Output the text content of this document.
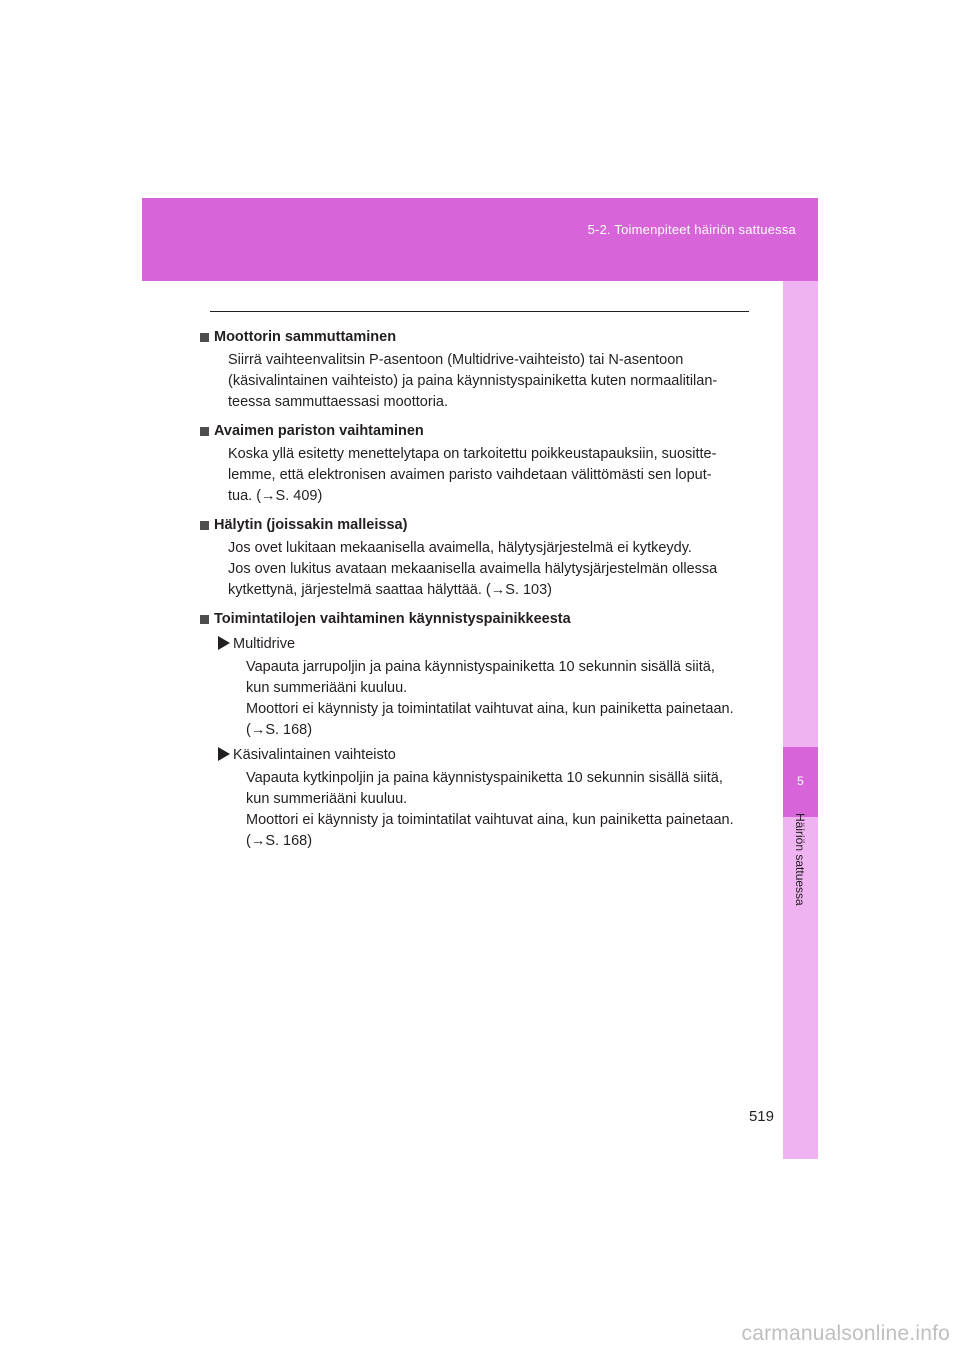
5-2. Toimenpiteet häiriön sattuessa
5
Häiriön sattuessa
Moottorin sammuttaminen
Siirrä vaihteenvalitsin P-asentoon (Multidrive-vaihteisto) tai N-asentoon
(käsivalintainen vaihteisto) ja paina käynnistyspainiketta kuten normaalitilan-
teessa sammuttaessasi moottoria.
Avaimen pariston vaihtaminen
Koska yllä esitetty menettelytapa on tarkoitettu poikkeustapauksiin, suositte-
lemme, että elektronisen avaimen paristo vaihdetaan välittömästi sen loput-
tua. (→S. 409)
Hälytin (joissakin malleissa)
Jos ovet lukitaan mekaanisella avaimella, hälytysjärjestelmä ei kytkeydy.
Jos oven lukitus avataan mekaanisella avaimella hälytysjärjestelmän ollessa
kytkettynä, järjestelmä saattaa hälyttää. (→S. 103)
Toimintatilojen vaihtaminen käynnistyspainikkeesta
Multidrive
Vapauta jarrupoljin ja paina käynnistyspainiketta 10 sekunnin sisällä siitä,
kun summeriääni kuuluu.
Moottori ei käynnisty ja toimintatilat vaihtuvat aina, kun painiketta painetaan.
(→S. 168)
Käsivalintainen vaihteisto
Vapauta kytkinpoljin ja paina käynnistyspainiketta 10 sekunnin sisällä siitä,
kun summeriääni kuuluu.
Moottori ei käynnisty ja toimintatilat vaihtuvat aina, kun painiketta painetaan.
(→S. 168)
519
carmanualsonline.info
